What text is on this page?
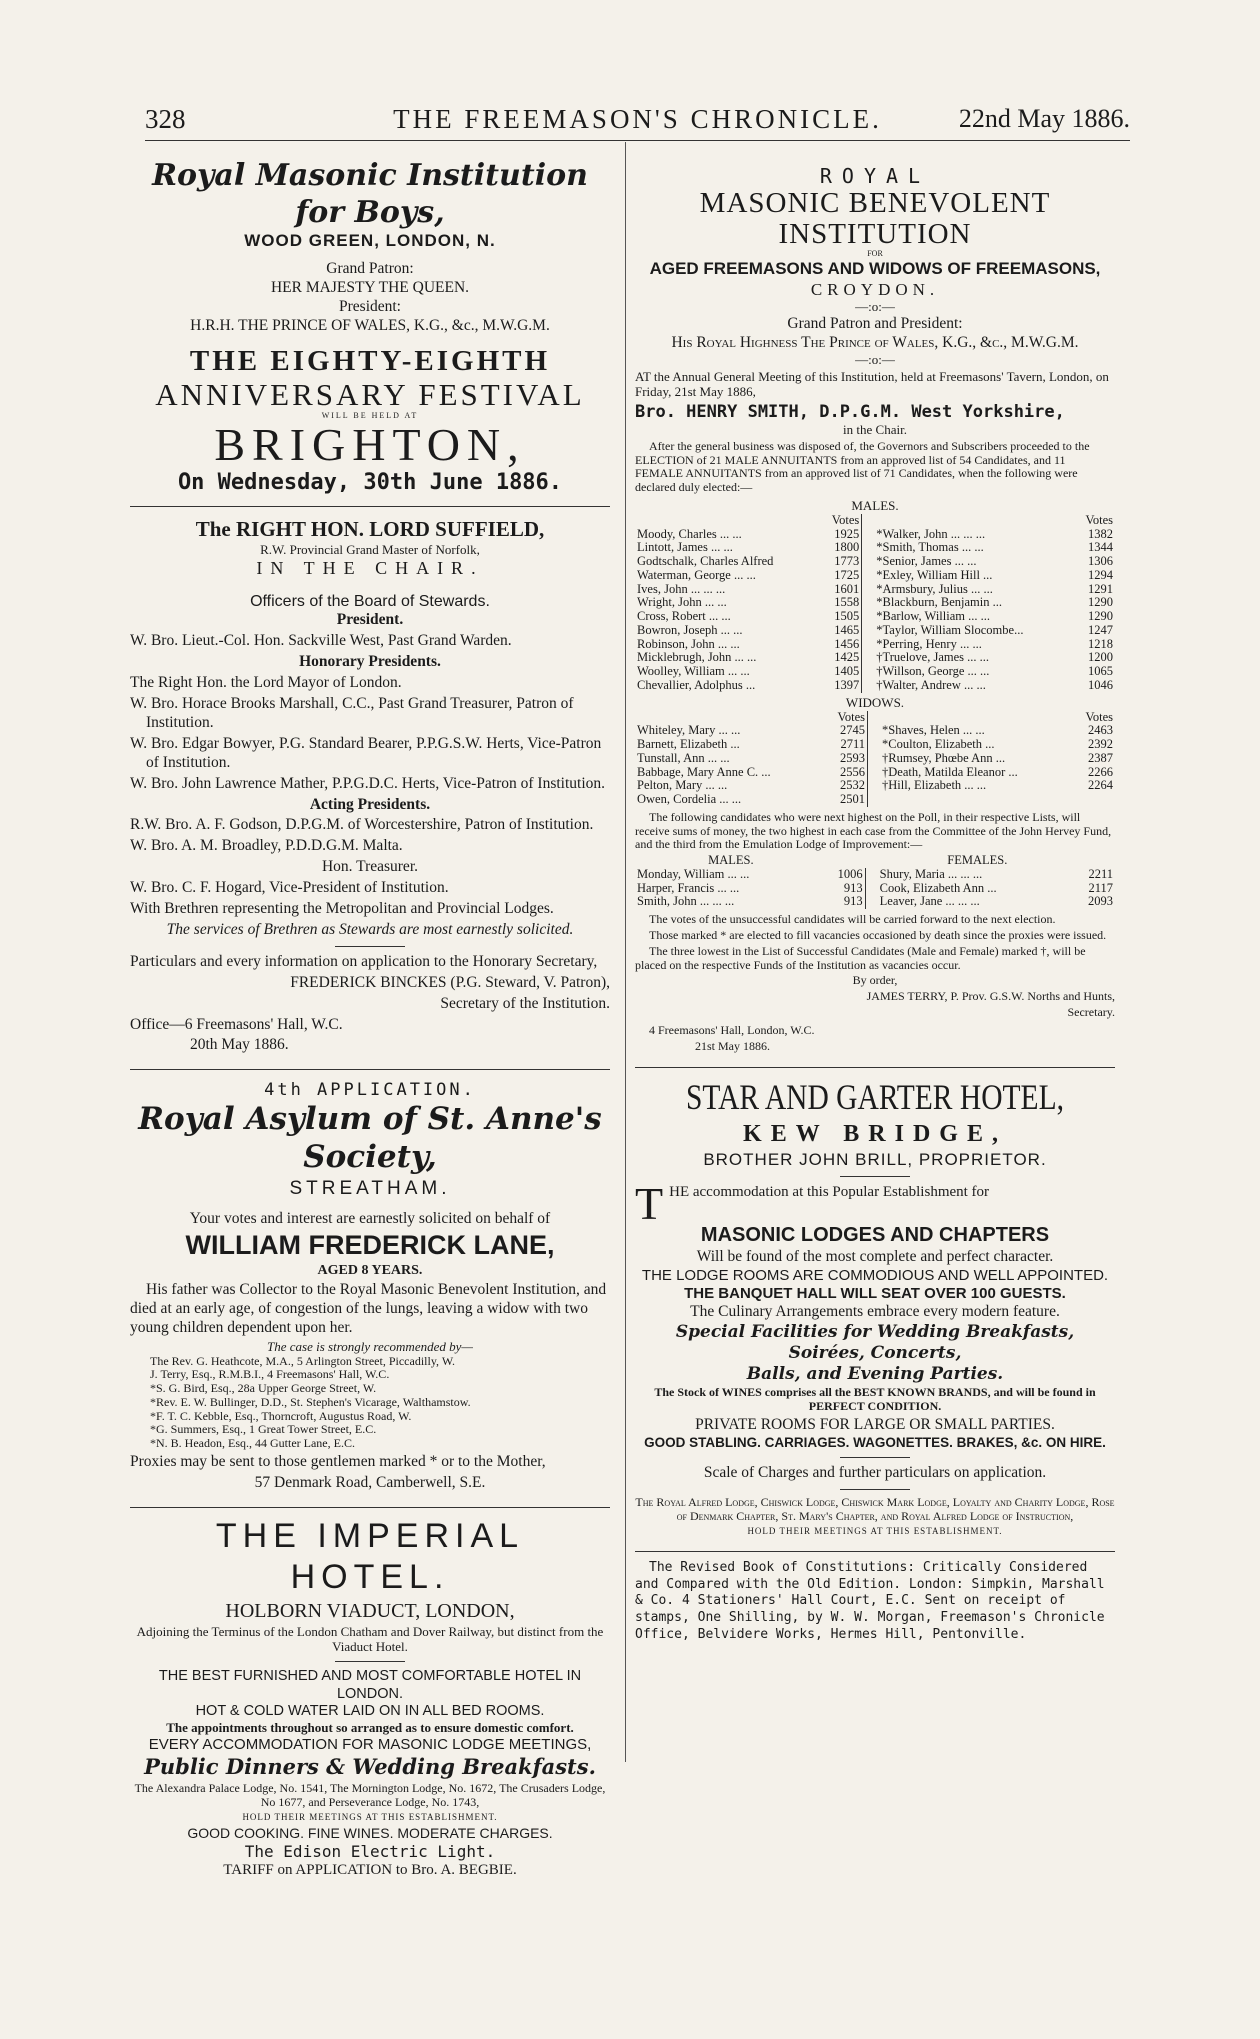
328	THE FREEMASON'S CHRONICLE.	22nd May 1886.
Royal Masonic Institution for Boys,
WOOD GREEN, LONDON, N.
Grand Patron:
HER MAJESTY THE QUEEN.
President:
H.R.H. THE PRINCE OF WALES, K.G., &c., M.W.G.M.
THE EIGHTY-EIGHTH
ANNIVERSARY FESTIVAL
WILL BE HELD AT
BRIGHTON,
On Wednesday, 30th June 1886.
The RIGHT HON. LORD SUFFIELD,
R.W. Provincial Grand Master of Norfolk,
IN THE CHAIR.
Officers of the Board of Stewards.
President.

W. Bro. Lieut.-Col. Hon. Sackville West, Past Grand Warden.

Honorary Presidents.

The Right Hon. the Lord Mayor of London.

W. Bro. Horace Brooks Marshall, C.C., Past Grand Treasurer, Patron of Institution.

W. Bro. Edgar Bowyer, P.G. Standard Bearer, P.P.G.S.W. Herts, Vice-Patron of Institution.

W. Bro. John Lawrence Mather, P.P.G.D.C. Herts, Vice-Patron of Institution.

Acting Presidents.

R.W. Bro. A. F. Godson, D.P.G.M. of Worcestershire, Patron of Institution.

W. Bro. A. M. Broadley, P.D.D.G.M. Malta.

Hon. Treasurer.

W. Bro. C. F. Hogard, Vice-President of Institution.

With Brethren representing the Metropolitan and Provincial Lodges.

The services of Brethren as Stewards are most earnestly solicited.

Particulars and every information on application to the Honorary Secretary,

FREDERICK BINCKES (P.G. Steward, V. Patron),

Secretary of the Institution.

Office—6 Freemasons' Hall, W.C.

20th May 1886.

4th APPLICATION.
Royal Asylum of St. Anne's Society,
STREATHAM.
Your votes and interest are earnestly solicited on behalf of
WILLIAM FREDERICK LANE,
AGED 8 YEARS.

His father was Collector to the Royal Masonic Benevolent Institution, and died at an early age, of congestion of the lungs, leaving a widow with two young children dependent upon her.

The case is strongly recommended by—
The Rev. G. Heathcote, M.A., 5 Arlington Street, Piccadilly, W.
J. Terry, Esq., R.M.B.I., 4 Freemasons' Hall, W.C.
*S. G. Bird, Esq., 28a Upper George Street, W.
*Rev. E. W. Bullinger, D.D., St. Stephen's Vicarage, Walthamstow.
*F. T. C. Kebble, Esq., Thorncroft, Augustus Road, W.
*G. Summers, Esq., 1 Great Tower Street, E.C.
*N. B. Headon, Esq., 44 Gutter Lane, E.C.

Proxies may be sent to those gentlemen marked * or to the Mother,

57 Denmark Road, Camberwell, S.E.

THE IMPERIAL HOTEL.
HOLBORN VIADUCT, LONDON,

Adjoining the Terminus of the London Chatham and Dover Railway, but distinct from the Viaduct Hotel.

THE BEST FURNISHED AND MOST COMFORTABLE HOTEL IN LONDON.
HOT & COLD WATER LAID ON IN ALL BED ROOMS.
The appointments throughout so arranged as to ensure domestic comfort.
EVERY ACCOMMODATION FOR MASONIC LODGE MEETINGS,
Public Dinners & Wedding Breakfasts.

The Alexandra Palace Lodge, No. 1541, The Mornington Lodge, No. 1672, The Crusaders Lodge, No 1677, and Perseverance Lodge, No. 1743,

HOLD THEIR MEETINGS AT THIS ESTABLISHMENT.

GOOD COOKING. FINE WINES. MODERATE CHARGES.
The Edison Electric Light.
TARIFF on APPLICATION to Bro. A. BEGBIE.
ROYAL
MASONIC BENEVOLENT INSTITUTION
FOR
AGED FREEMASONS AND WIDOWS OF FREEMASONS,
CROYDON.
—:o:—
Grand Patron and President:
His Royal Highness The Prince of Wales, K.G., &c., M.W.G.M.
—:o:—

AT the Annual General Meeting of this Institution, held at Freemasons' Tavern, London, on Friday, 21st May 1886,

Bro. HENRY SMITH, D.P.G.M. West Yorkshire,
in the Chair.

After the general business was disposed of, the Governors and Subscribers proceeded to the ELECTION of 21 MALE ANNUITANTS from an approved list of 54 Candidates, and 11 FEMALE ANNUITANTS from an approved list of 71 Candidates, when the following were declared duly elected:—

MALES.
	Votes			Votes
Moody, Charles ... ...	1925		*Walker, John ... ... ...	1382
Lintott, James ... ...	1800		*Smith, Thomas ... ...	1344
Godtschalk, Charles Alfred	1773		*Senior, James ... ...	1306
Waterman, George ... ...	1725		*Exley, William Hill ...	1294
Ives, John ... ... ...	1601		*Armsbury, Julius ... ...	1291
Wright, John ... ...	1558		*Blackburn, Benjamin ...	1290
Cross, Robert ... ...	1505		*Barlow, William ... ...	1290
Bowron, Joseph ... ...	1465		*Taylor, William Slocombe...	1247
Robinson, John ... ...	1456		*Perring, Henry ... ...	1218
Micklebrugh, John ... ...	1425		†Truelove, James ... ...	1200
Woolley, William ... ...	1405		†Willson, George ... ...	1065
Chevallier, Adolphus ...	1397		†Walter, Andrew ... ...	1046
WIDOWS.
	Votes			Votes
Whiteley, Mary ... ...	2745		*Shaves, Helen ... ...	2463
Barnett, Elizabeth ...	2711		*Coulton, Elizabeth ...	2392
Tunstall, Ann ... ...	2593		†Rumsey, Phœbe Ann ...	2387
Babbage, Mary Anne C. ...	2556		†Death, Matilda Eleanor ...	2266
Pelton, Mary ... ...	2532		†Hill, Elizabeth ... ...	2264
Owen, Cordelia ... ...	2501			

The following candidates who were next highest on the Poll, in their respective Lists, will receive sums of money, the two highest in each case from the Committee of the John Hervey Fund, and the third from the Emulation Lodge of Improvement:—

MALES.			FEMALES.	
Monday, William ... ...	1006		Shury, Maria ... ... ...	2211
Harper, Francis ... ...	913		Cook, Elizabeth Ann ...	2117
Smith, John ... ... ...	913		Leaver, Jane ... ... ...	2093

The votes of the unsuccessful candidates will be carried forward to the next election.

Those marked * are elected to fill vacancies occasioned by death since the proxies were issued.

The three lowest in the List of Successful Candidates (Male and Female) marked †, will be placed on the respective Funds of the Institution as vacancies occur.

By order,

JAMES TERRY, P. Prov. G.S.W. Norths and Hunts,

Secretary.

4 Freemasons' Hall, London, W.C.

21st May 1886.

STAR AND GARTER HOTEL,
KEW BRIDGE,
BROTHER JOHN BRILL, PROPRIETOR.

THE accommodation at this Popular Establishment for

MASONIC LODGES AND CHAPTERS
Will be found of the most complete and perfect character.
THE LODGE ROOMS ARE COMMODIOUS AND WELL APPOINTED.
THE BANQUET HALL WILL SEAT OVER 100 GUESTS.
The Culinary Arrangements embrace every modern feature.
Special Facilities for Wedding Breakfasts, Soirées, Concerts,
Balls, and Evening Parties.

The Stock of WINES comprises all the BEST KNOWN BRANDS, and will be found in PERFECT CONDITION.

PRIVATE ROOMS FOR LARGE OR SMALL PARTIES.
GOOD STABLING. CARRIAGES. WAGONETTES. BRAKES, &c. ON HIRE.
Scale of Charges and further particulars on application.

The Royal Alfred Lodge, Chiswick Lodge, Chiswick Mark Lodge, Loyalty and Charity Lodge, Rose of Denmark Chapter, St. Mary's Chapter, and Royal Alfred Lodge of Instruction,

HOLD THEIR MEETINGS AT THIS ESTABLISHMENT.

The Revised Book of Constitutions: Critically Considered and Compared with the Old Edition. London: Simpkin, Marshall & Co. 4 Stationers' Hall Court, E.C. Sent on receipt of stamps, One Shilling, by W. W. Morgan, Freemason's Chronicle Office, Belvidere Works, Hermes Hill, Pentonville.
